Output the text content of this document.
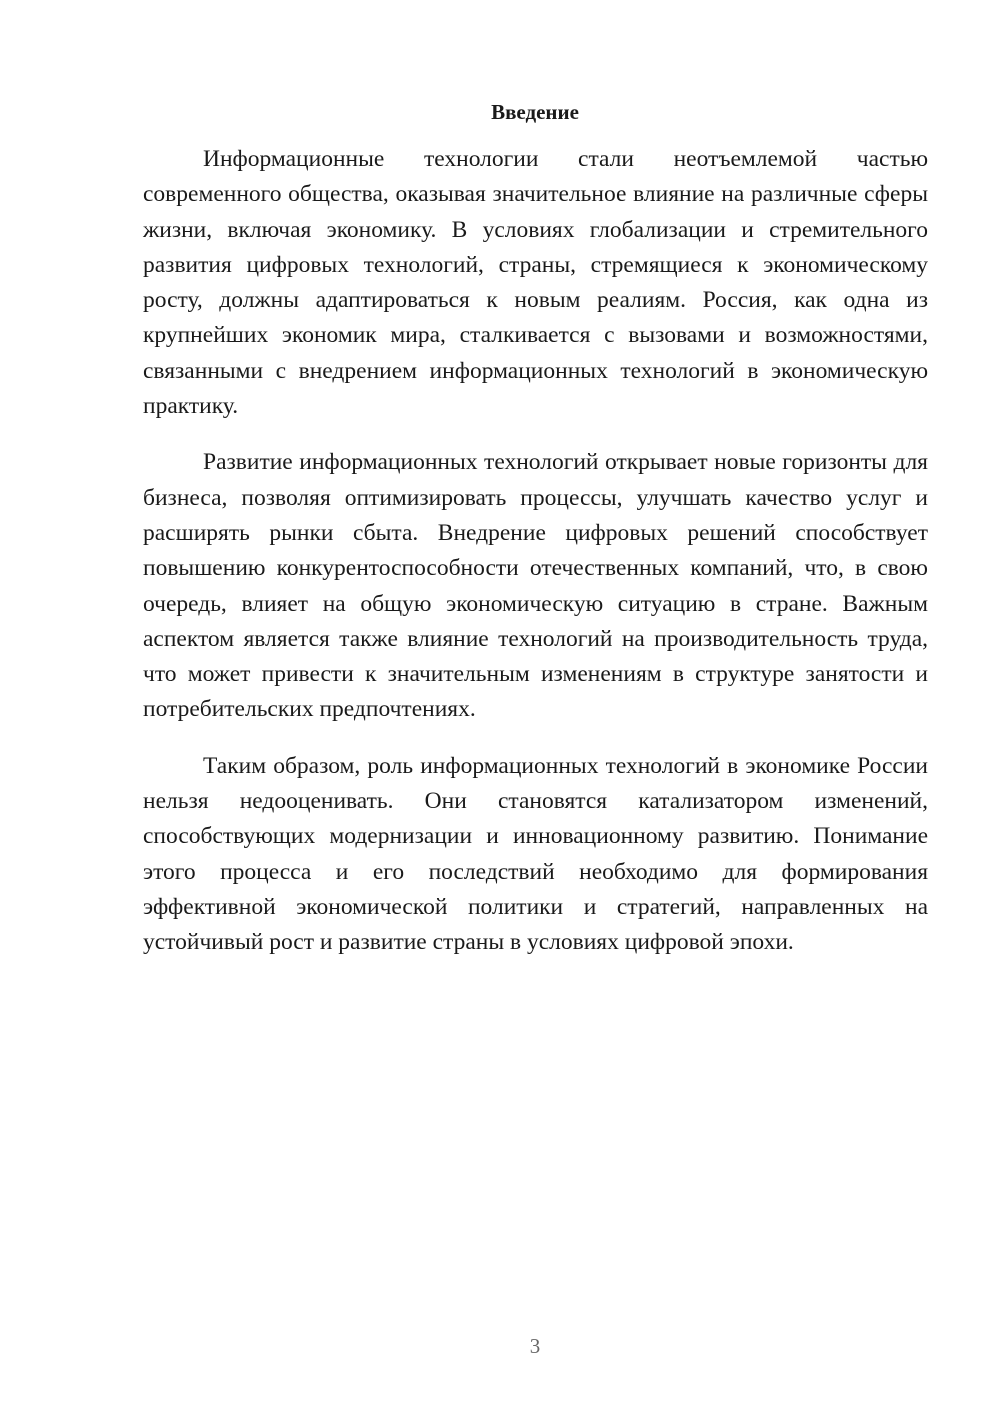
Введение

Информационные технологии стали неотъемлемой частью современного общества, оказывая значительное влияние на различные сферы жизни, включая экономику. В условиях глобализации и стремительного развития цифровых технологий, страны, стремящиеся к экономическому росту, должны адаптироваться к новым реалиям. Россия, как одна из крупнейших экономик мира, сталкивается с вызовами и возможностями, связанными с внедрением информационных технологий в экономическую практику.

Развитие информационных технологий открывает новые горизонты для бизнеса, позволяя оптимизировать процессы, улучшать качество услуг и расширять рынки сбыта. Внедрение цифровых решений способствует повышению конкурентоспособности отечественных компаний, что, в свою очередь, влияет на общую экономическую ситуацию в стране. Важным аспектом является также влияние технологий на производительность труда, что может привести к значительным изменениям в структуре занятости и потребительских предпочтениях.

Таким образом, роль информационных технологий в экономике России нельзя недооценивать. Они становятся катализатором изменений, способствующих модернизации и инновационному развитию. Понимание этого процесса и его последствий необходимо для формирования эффективной экономической политики и стратегий, направленных на устойчивый рост и развитие страны в условиях цифровой эпохи.

3
